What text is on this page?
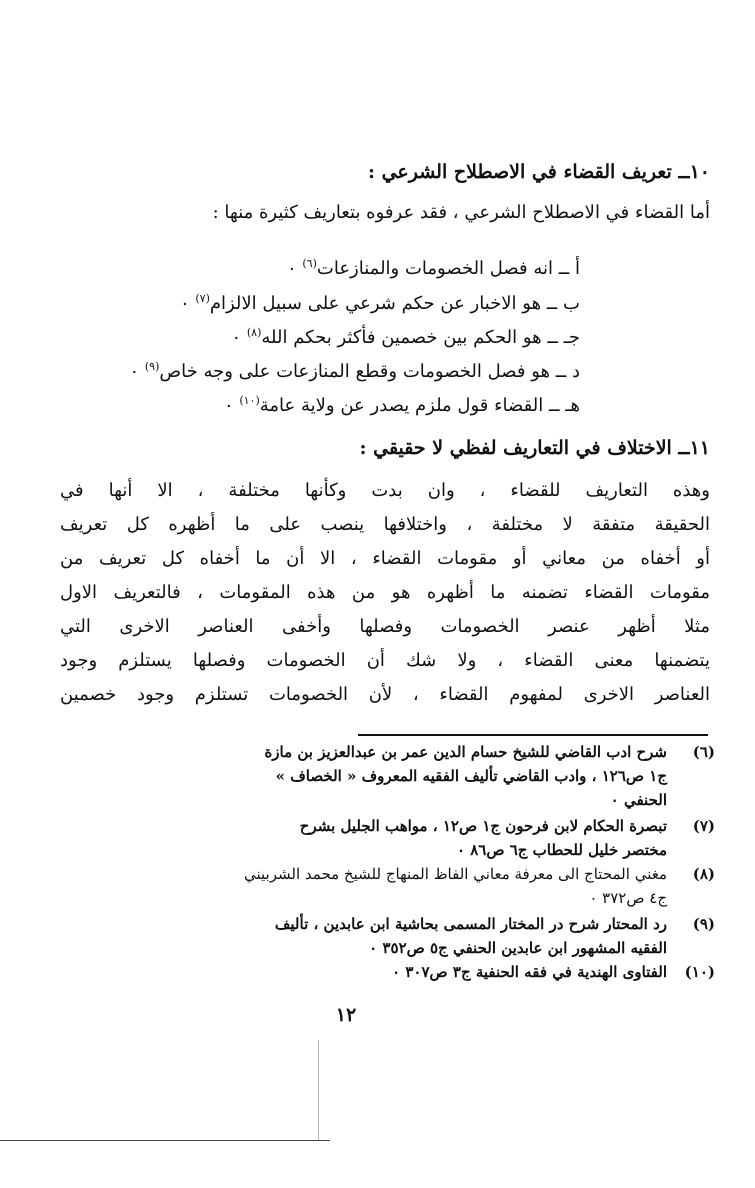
١٠ــ تعريف القضاء في الاصطلاح الشرعي :
أما القضاء في الاصطلاح الشرعي ، فقد عرفوه بتعاريف كثيرة منها :
أ ــ انه فصل الخصومات والمنازعات$^{(٦)}$ ٠
ب ــ هو الاخبار عن حكم شرعي على سبيل الالزام$^{(٧)}$ ٠
جـ ــ هو الحكم بين خصمين فأكثر بحكم الله$^{(٨)}$ ٠
د ــ هو فصل الخصومات وقطع المنازعات على وجه خاص$^{(٩)}$ ٠
هـ ــ القضاء قول ملزم يصدر عن ولاية عامة$^{(١٠)}$ ٠
١١ــ الاختلاف في التعاريف لفظي لا حقيقي :
وهذه التعاريف للقضاء ، وان بدت وكأنها مختلفة ، الا أنها في
الحقيقة متفقة لا مختلفة ، واختلافها ينصب على ما أظهره كل تعريف
أو أخفاه من معاني أو مقومات القضاء ، الا أن ما أخفاه كل تعريف من
مقومات القضاء تضمنه ما أظهره هو من هذه المقومات ، فالتعريف الاول
مثلا أظهر عنصر الخصومات وفصلها وأخفى العناصر الاخرى التي
يتضمنها معنى القضاء ، ولا شك أن الخصومات وفصلها يستلزم وجود
العناصر الاخرى لمفهوم القضاء ، لأن الخصومات تستلزم وجود خصمين
(٦)
شرح ادب القاضي للشيخ حسام الدين عمر بن عبدالعزيز بن مازة
ج١ ص١٢٦ ، وادب القاضي تأليف الفقيه المعروف « الخصاف »
الحنفي ٠
(٧)
تبصرة الحكام لابن فرحون ج١ ص١٢ ، مواهب الجليل بشرح
مختصر خليل للحطاب ج٦ ص٨٦ ٠
(٨)
مغني المحتاج الى معرفة معاني الفاظ المنهاج للشيخ محمد الشربيني
ج٤ ص٣٧٢ ٠
(٩)
رد المحتار شرح در المختار المسمى بحاشية ابن عابدين ، تأليف
الفقيه المشهور ابن عابدين الحنفي ج٥ ص٣٥٢ ٠
(١٠)
الفتاوى الهندية في فقه الحنفية ج٣ ص٣٠٧ ٠
١٢
